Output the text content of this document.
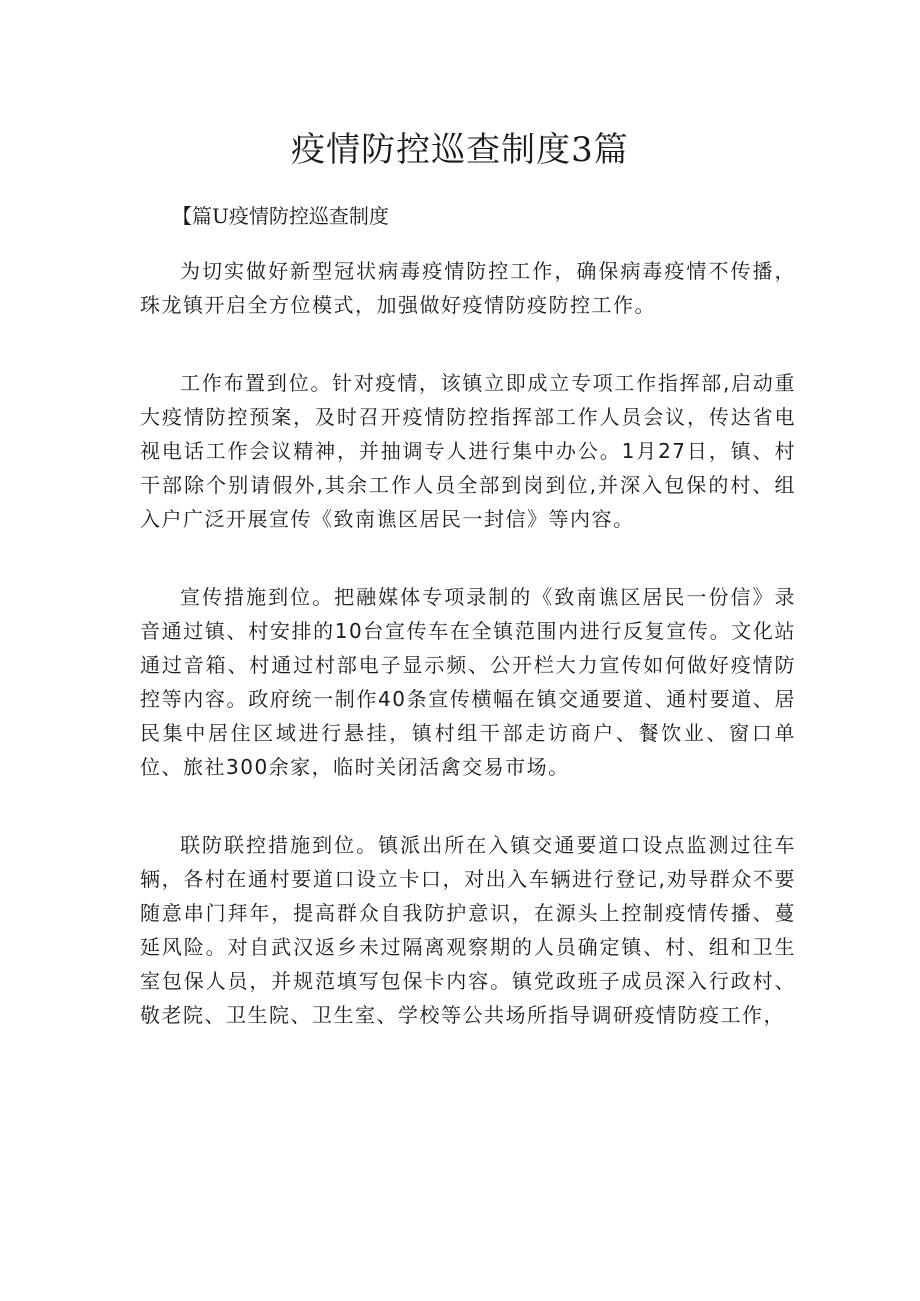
疫情防控巡查制度3篇
【篇U疫情防控巡查制度

为切实做好新型冠状病毒疫情防控工作，确保病毒疫情不传播，珠龙镇开启全方位模式，加强做好疫情防疫防控工作。

工作布置到位。针对疫情，该镇立即成立专项工作指挥部,启动重大疫情防控预案，及时召开疫情防控指挥部工作人员会议，传达省电视电话工作会议精神，并抽调专人进行集中办公。1月27日，镇、村干部除个别请假外,其余工作人员全部到岗到位,并深入包保的村、组入户广泛开展宣传《致南谯区居民一封信》等内容。

宣传措施到位。把融媒体专项录制的《致南谯区居民一份信》录音通过镇、村安排的10台宣传车在全镇范围内进行反复宣传。文化站通过音箱、村通过村部电子显示频、公开栏大力宣传如何做好疫情防控等内容。政府统一制作40条宣传横幅在镇交通要道、通村要道、居民集中居住区域进行悬挂，镇村组干部走访商户、餐饮业、窗口单位、旅社300余家，临时关闭活禽交易市场。

联防联控措施到位。镇派出所在入镇交通要道口设点监测过往车辆，各村在通村要道口设立卡口，对出入车辆进行登记,劝导群众不要随意串门拜年，提高群众自我防护意识，在源头上控制疫情传播、蔓延风险。对自武汉返乡未过隔离观察期的人员确定镇、村、组和卫生室包保人员，并规范填写包保卡内容。镇党政班子成员深入行政村、敬老院、卫生院、卫生室、学校等公共场所指导调研疫情防疫工作，
